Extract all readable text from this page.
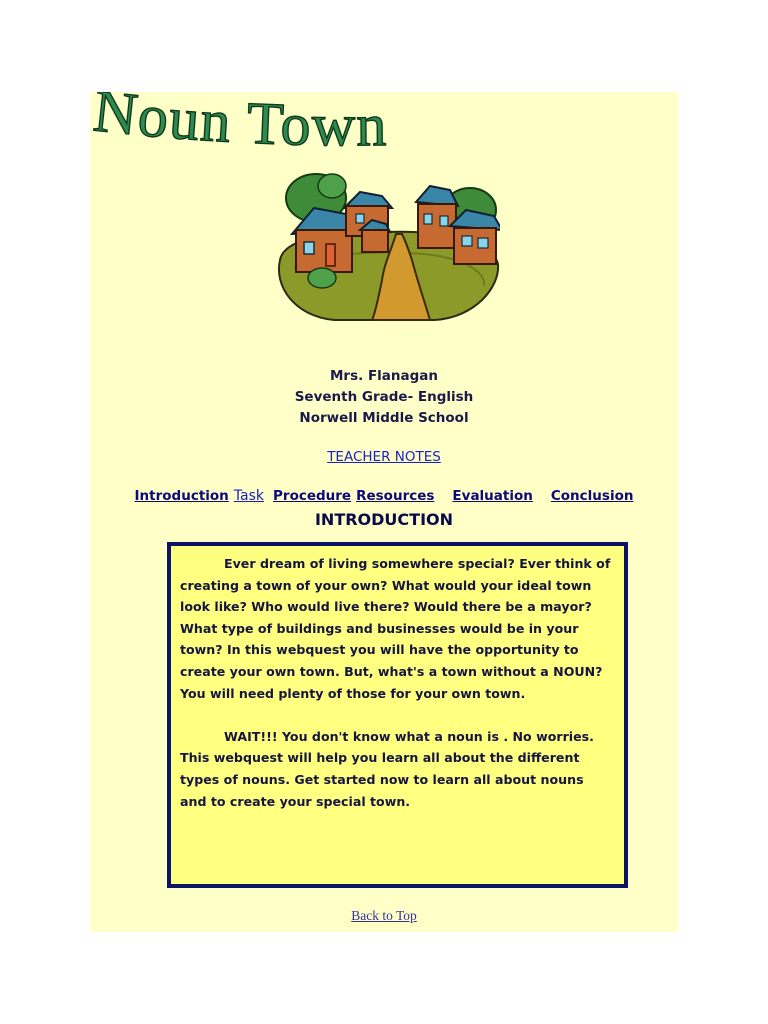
Noun Town
Mrs. Flanagan
Seventh Grade- English
Norwell Middle School
TEACHER NOTES
Introduction Task Procedure Resources Evaluation Conclusion
INTRODUCTION

Ever dream of living somewhere special? Ever think of creating a town of your own? What would your ideal town look like? Who would live there? Would there be a mayor? What type of buildings and businesses would be in your town? In this webquest you will have the opportunity to create your own town. But, what's a town without a NOUN? You will need plenty of those for your own town.

WAIT!!! You don't know what a noun is . No worries. This webquest will help you learn all about the different types of nouns. Get started now to learn all about nouns and to create your special town.

Back to Top
